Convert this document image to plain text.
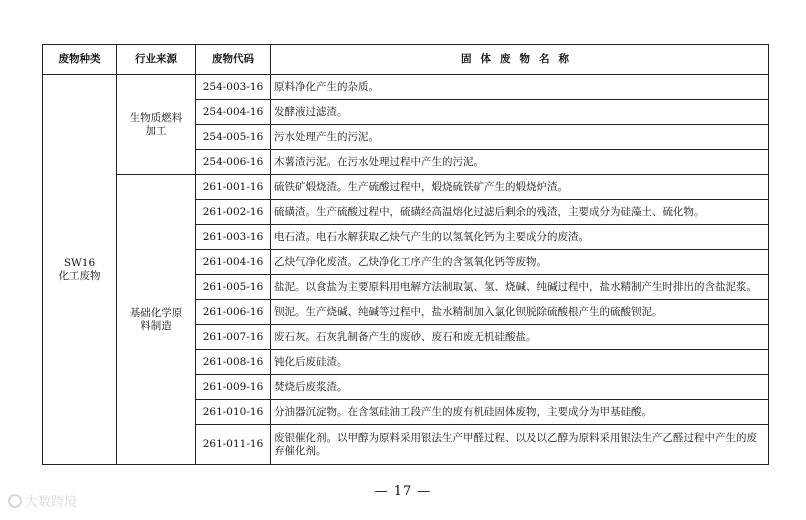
废物种类	行业来源	废物代码	固体废物名称

SW16
化工废物	生物质燃料加工	254-003-16	原料净化产生的杂质。
		254-004-16	发酵液过滤渣。
		254-005-16	污水处理产生的污泥。
		254-006-16	木薯渣污泥。在污水处理过程中产生的污泥。
	基础化学原料制造	261-001-16	硫铁矿煅烧渣。生产硫酸过程中，煅烧硫铁矿产生的煅烧炉渣。
		261-002-16	硫磺渣。生产硫酸过程中，硫磺经高温熔化过滤后剩余的残渣，主要成分为硅藻土、硫化物。
		261-003-16	电石渣。电石水解获取乙炔气产生的以氢氧化钙为主要成分的废渣。
		261-004-16	乙炔气净化废渣。乙炔净化工序产生的含氢氧化钙等废物。
		261-005-16	盐泥。以食盐为主要原料用电解方法制取氯、氢、烧碱、纯碱过程中，盐水精制产生时排出的含盐泥浆。
		261-006-16	钡泥。生产烧碱、纯碱等过程中，盐水精制加入氯化钡脱除硫酸根产生的硫酸钡泥。
		261-007-16	废石灰。石灰乳制备产生的废砂、废石和废无机硅酸盐。
		261-008-16	钝化后废硅渣。
		261-009-16	焚烧后废浆渣。
		261-010-16	分油器沉淀物。在含氢硅油工段产生的废有机硅固体废物，主要成分为甲基硅酸。
		261-011-16	废银催化剂。以甲醇为原料采用银法生产甲醛过程、以及以乙醇为原料采用银法生产乙醛过程中产生的废弃催化剂。
— 17 —
大数跨境
